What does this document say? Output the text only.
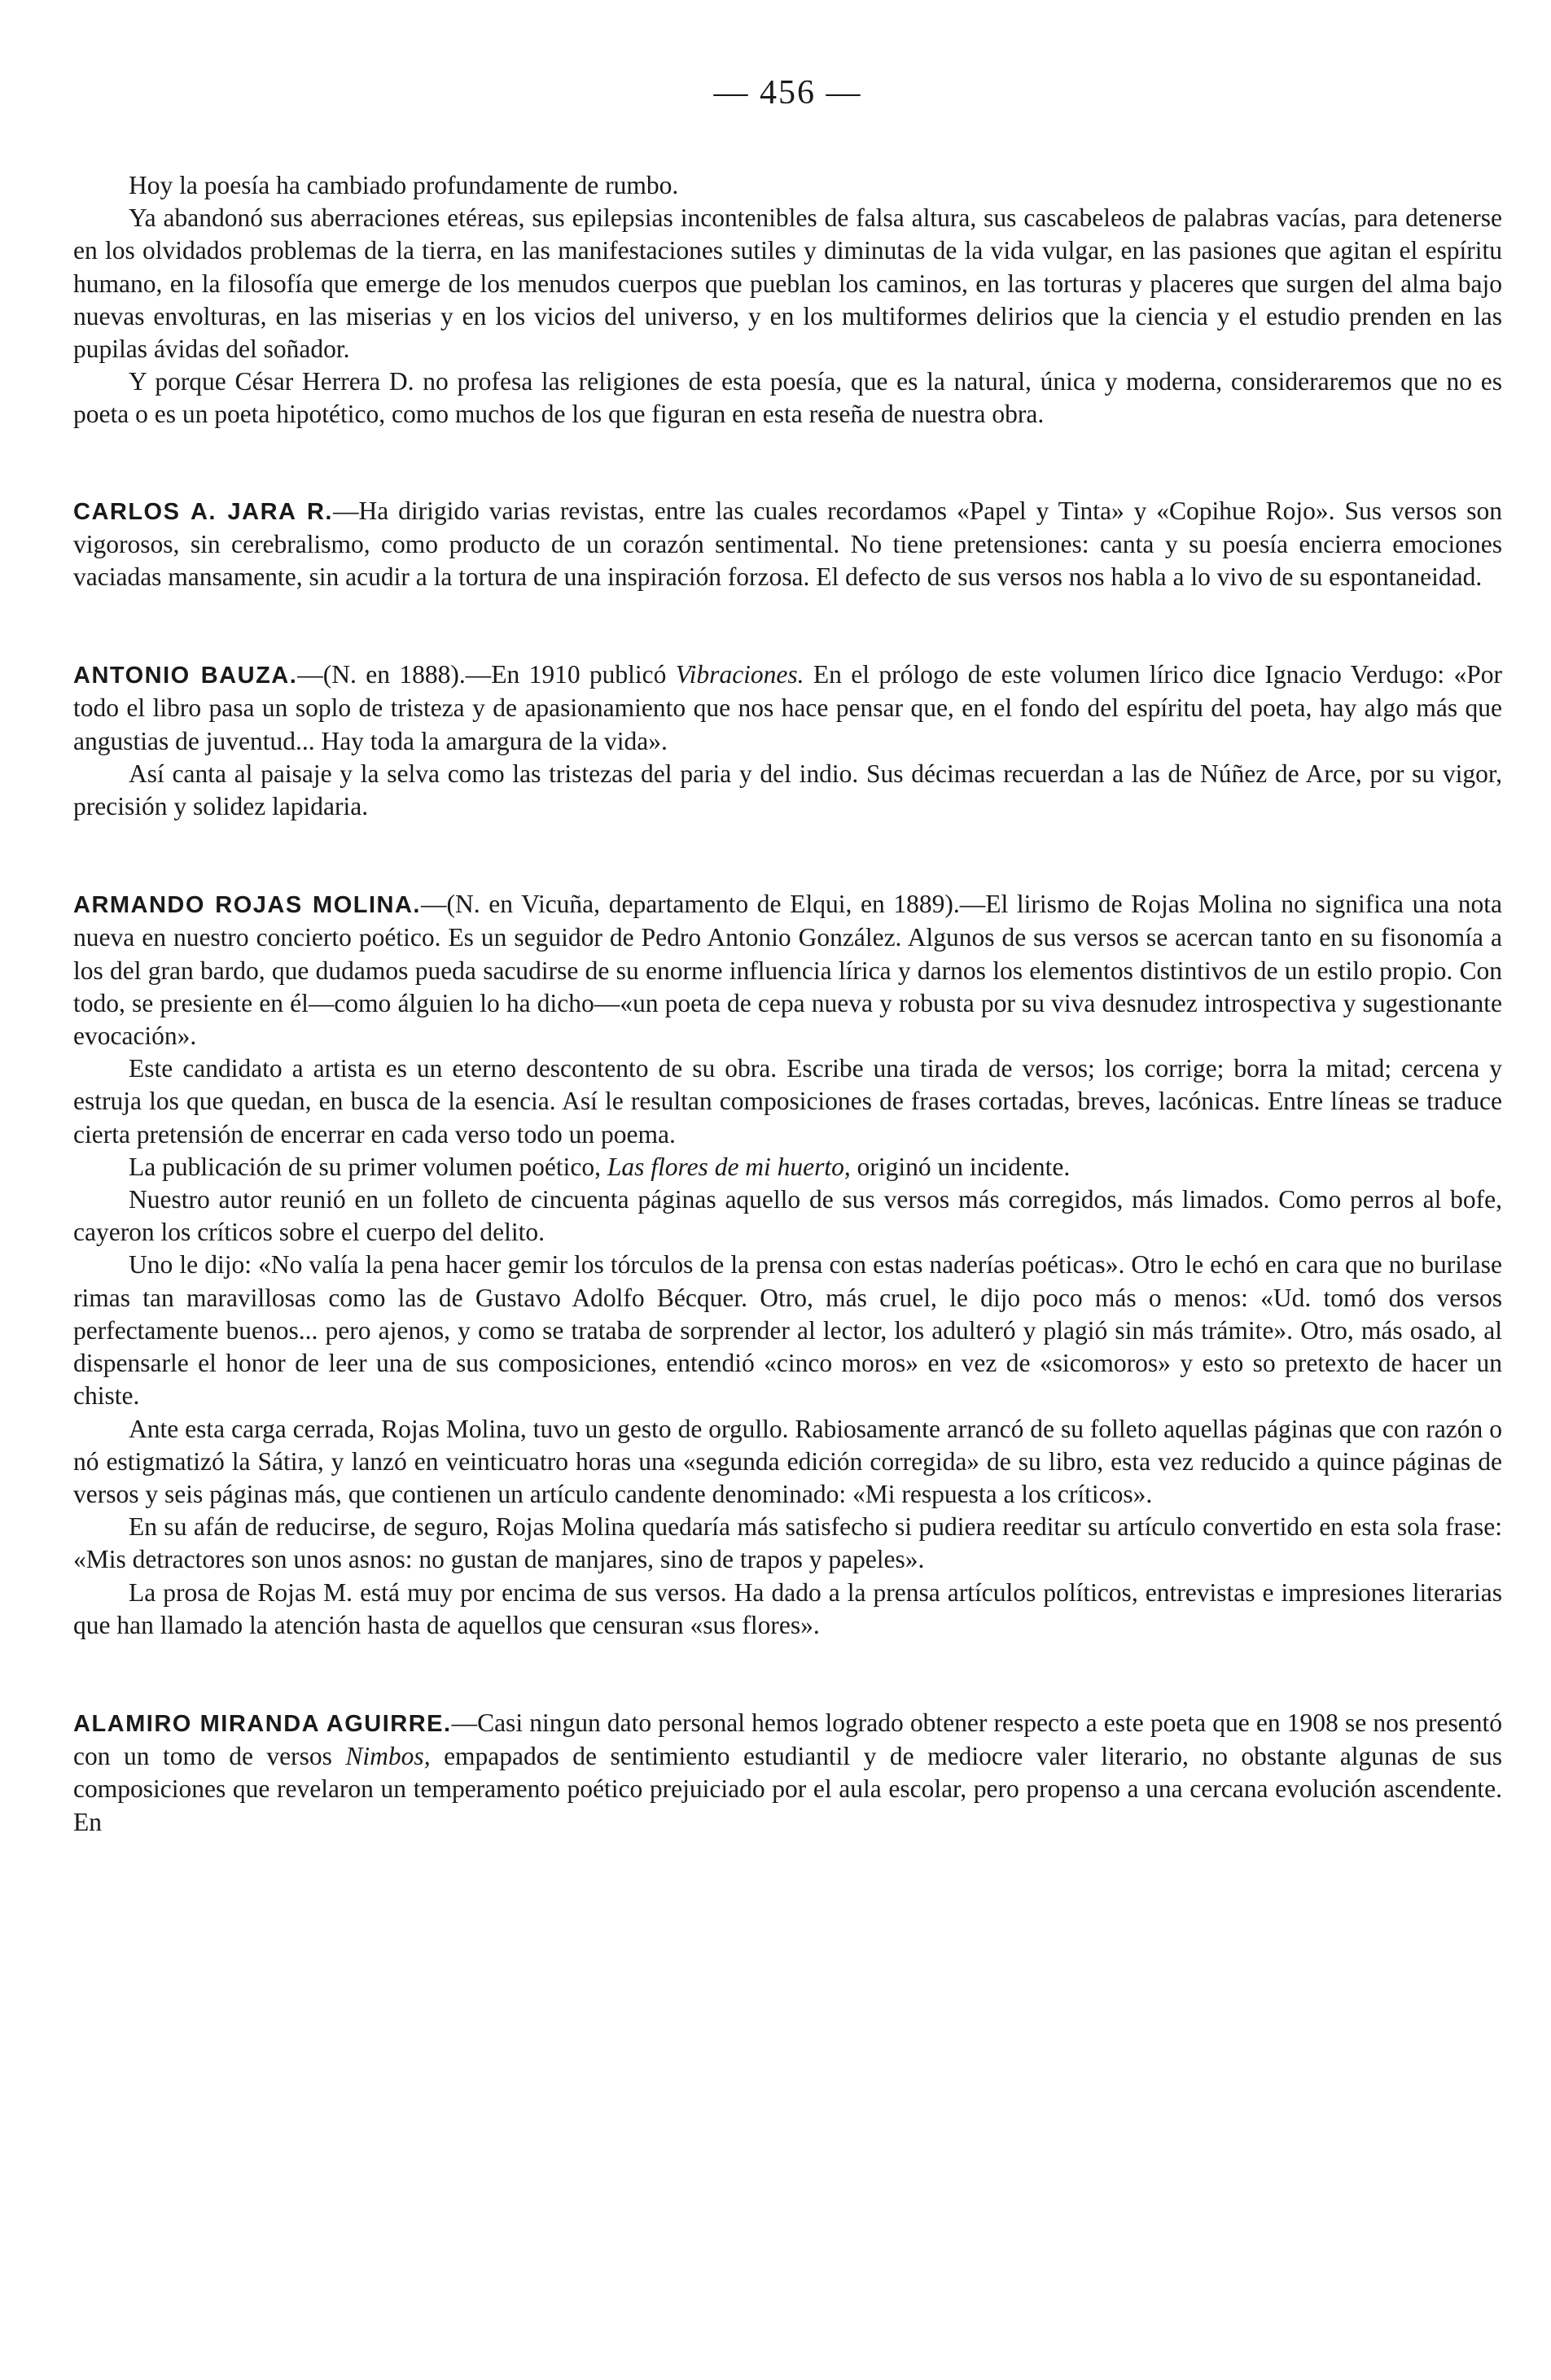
— 456 —

Hoy la poesía ha cambiado profundamente de rumbo.

Ya abandonó sus aberraciones etéreas, sus epilepsias incontenibles de falsa altura, sus cascabeleos de palabras vacías, para detenerse en los olvidados problemas de la tierra, en las manifestaciones sutiles y diminutas de la vida vulgar, en las pasiones que agitan el espíritu humano, en la filosofía que emerge de los menudos cuerpos que pueblan los caminos, en las torturas y placeres que surgen del alma bajo nuevas envolturas, en las miserias y en los vicios del universo, y en los multiformes delirios que la ciencia y el estudio prenden en las pupilas ávidas del soñador.

Y porque César Herrera D. no profesa las religiones de esta poesía, que es la natural, única y moderna, consideraremos que no es poeta o es un poeta hipotético, como muchos de los que figuran en esta reseña de nuestra obra.

CARLOS A. JARA R.—Ha dirigido varias revistas, entre las cuales recordamos «Papel y Tinta» y «Copihue Rojo». Sus versos son vigorosos, sin cerebralismo, como producto de un corazón sentimental. No tiene pretensiones: canta y su poesía encierra emociones vaciadas mansamente, sin acudir a la tortura de una inspiración forzosa. El defecto de sus versos nos habla a lo vivo de su espontaneidad.

ANTONIO BAUZA.—(N. en 1888).—En 1910 publicó Vibraciones. En el prólogo de este volumen lírico dice Ignacio Verdugo: «Por todo el libro pasa un soplo de tristeza y de apasionamiento que nos hace pensar que, en el fondo del espíritu del poeta, hay algo más que angustias de juventud... Hay toda la amargura de la vida».

Así canta al paisaje y la selva como las tristezas del paria y del indio. Sus décimas recuerdan a las de Núñez de Arce, por su vigor, precisión y solidez lapidaria.

ARMANDO ROJAS MOLINA.—(N. en Vicuña, departamento de Elqui, en 1889).—El lirismo de Rojas Molina no significa una nota nueva en nuestro concierto poético. Es un seguidor de Pedro Antonio González. Algunos de sus versos se acercan tanto en su fisonomía a los del gran bardo, que dudamos pueda sacudirse de su enorme influencia lírica y darnos los elementos distintivos de un estilo propio. Con todo, se presiente en él—como álguien lo ha dicho—«un poeta de cepa nueva y robusta por su viva desnudez introspectiva y sugestionante evocación».

Este candidato a artista es un eterno descontento de su obra. Escribe una tirada de versos; los corrige; borra la mitad; cercena y estruja los que quedan, en busca de la esencia. Así le resultan composiciones de frases cortadas, breves, lacónicas. Entre líneas se traduce cierta pretensión de encerrar en cada verso todo un poema.

La publicación de su primer volumen poético, Las flores de mi huerto, originó un incidente.

Nuestro autor reunió en un folleto de cincuenta páginas aquello de sus versos más corregidos, más limados. Como perros al bofe, cayeron los críticos sobre el cuerpo del delito.

Uno le dijo: «No valía la pena hacer gemir los tórculos de la prensa con estas naderías poéticas». Otro le echó en cara que no burilase rimas tan maravillosas como las de Gustavo Adolfo Bécquer. Otro, más cruel, le dijo poco más o menos: «Ud. tomó dos versos perfectamente buenos... pero ajenos, y como se trataba de sorprender al lector, los adulteró y plagió sin más trámite». Otro, más osado, al dispensarle el honor de leer una de sus composiciones, entendió «cinco moros» en vez de «sicomoros» y esto so pretexto de hacer un chiste.

Ante esta carga cerrada, Rojas Molina, tuvo un gesto de orgullo. Rabiosamente arrancó de su folleto aquellas páginas que con razón o nó estigmatizó la Sátira, y lanzó en veinticuatro horas una «segunda edición corregida» de su libro, esta vez reducido a quince páginas de versos y seis páginas más, que contienen un artículo candente denominado: «Mi respuesta a los críticos».

En su afán de reducirse, de seguro, Rojas Molina quedaría más satisfecho si pudiera reeditar su artículo convertido en esta sola frase: «Mis detractores son unos asnos: no gustan de manjares, sino de trapos y papeles».

La prosa de Rojas M. está muy por encima de sus versos. Ha dado a la prensa artículos políticos, entrevistas e impresiones literarias que han llamado la atención hasta de aquellos que censuran «sus flores».

ALAMIRO MIRANDA AGUIRRE.—Casi ningun dato personal hemos logrado obtener respecto a este poeta que en 1908 se nos presentó con un tomo de versos Nimbos, empapados de sentimiento estudiantil y de mediocre valer literario, no obstante algunas de sus composiciones que revelaron un temperamento poético prejuiciado por el aula escolar, pero propenso a una cercana evolución ascendente. En
